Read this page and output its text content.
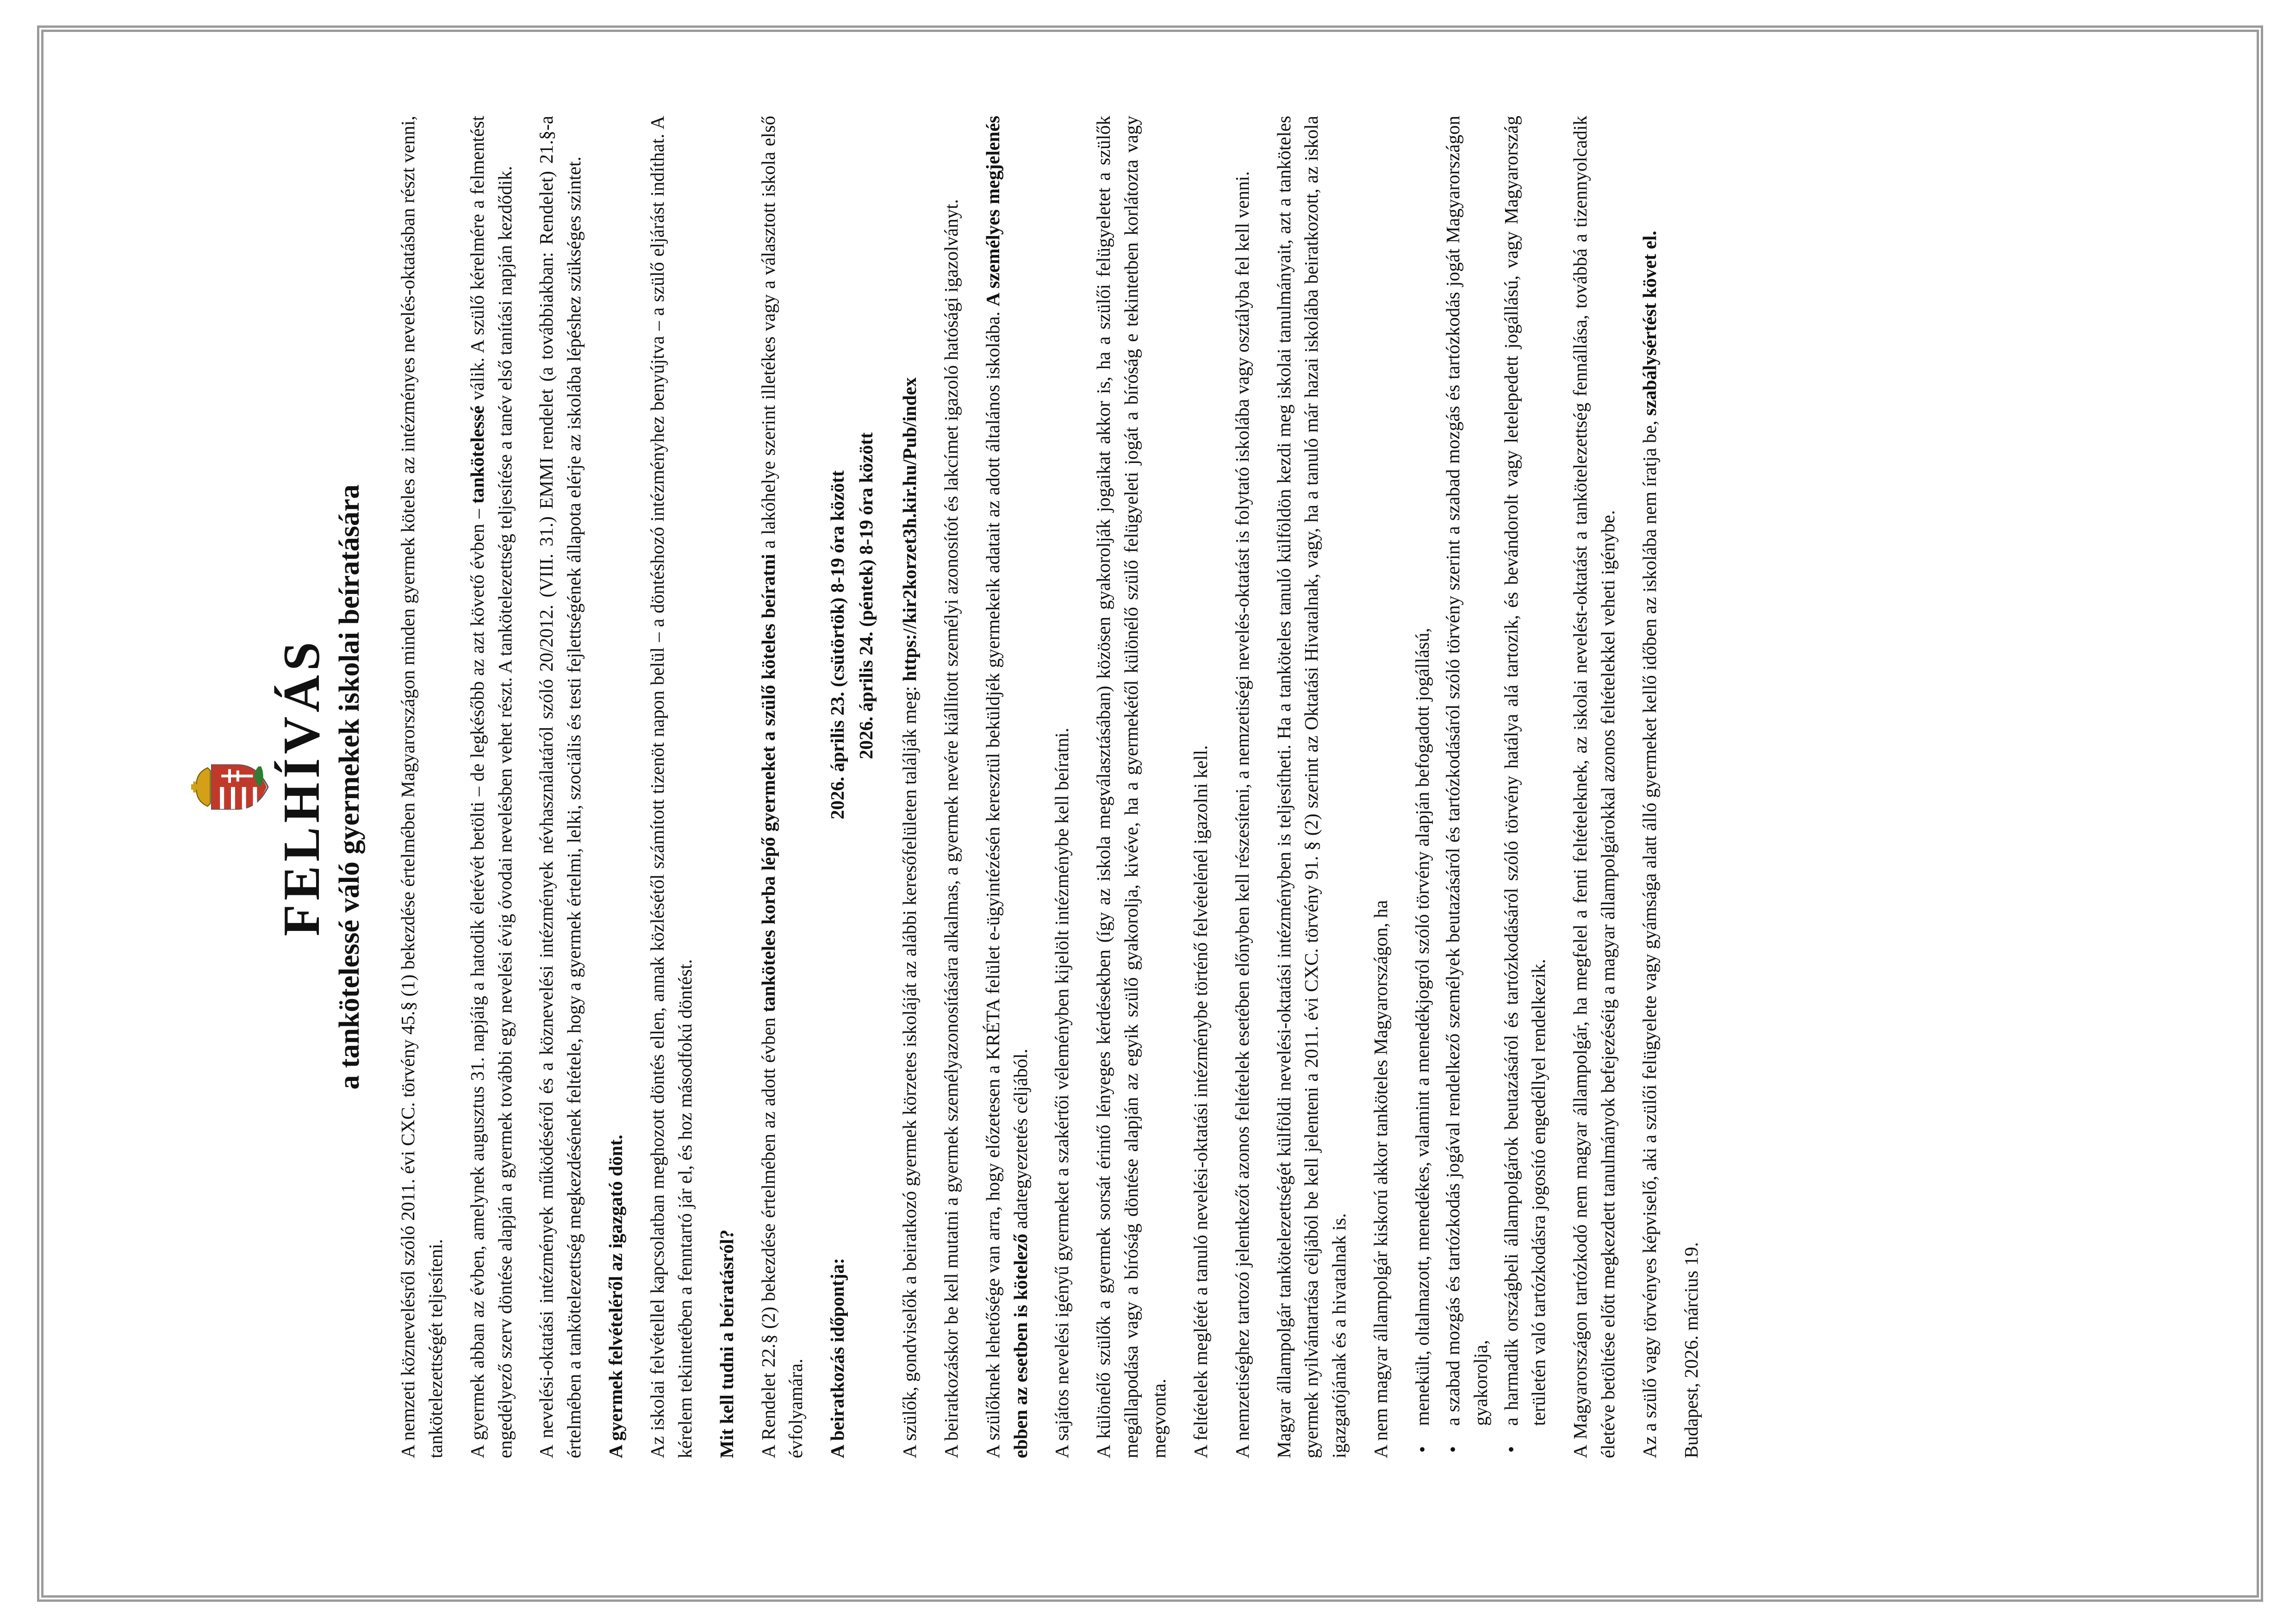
FELHÍVÁS a tankötelessé váló gyermekek iskolai beíratására A nemzeti köznevelésről szóló 2011. évi CXC. törvény 45.§ (1) bekezdése értelmében Magyarországon minden gyermek köteles az intézményes nevelés-oktatásban részt venni, tankötelezettségét teljesíteni. A gyermek abban az évben, amelynek augusztus 31. napjáig a hatodik életévét betölti – de legkésőbb az azt követő évben – tankötelessé válik. A szülő kérelmére a felmentést engedélyező szerv döntése alapján a gyermek további egy nevelési évig óvodai nevelésben vehet részt. A tankötelezettség teljesítése a tanév első tanítási napján kezdődik. A nevelési-oktatási intézmények működéséről és a köznevelési intézmények névhasználatáról szóló 20/2012. (VIII. 31.) EMMI rendelet (a továbbiakban: Rendelet) 21.§-a értelmében a tankötelezettség megkezdésének feltétele, hogy a gyermek értelmi, lelki, szociális és testi fejlettségének állapota elérje az iskolába lépéshez szükséges szintet. A gyermek felvételéről az igazgató dönt. Az iskolai felvétellel kapcsolatban meghozott döntés ellen, annak közlésétől számított tizenöt napon belül – a döntéshozó intézményhez benyújtva – a szülő eljárást indíthat. A kérelem tekintetében a fenntartó jár el, és hoz másodfokú döntést. Mit kell tudni a beíratásról? A Rendelet 22.§ (2) bekezdése értelmében az adott évben tanköteles korba lépő gyermeket a szülő köteles beíratni a lakóhelye szerint illetékes vagy a választott iskola első évfolyamára. A beiratkozás időpontja:
2026. április 23. (csütörtök) 8-19 óra között 2026. április 24. (péntek) 8-19 óra között

A szülők, gondviselők a beiratkozó gyermek körzetes iskoláját az alábbi keresőfelületen találják meg: https://kir2korzet3h.kir.hu/Pub/index A beiratkozáskor be kell mutatni a gyermek személyazonosítására alkalmas, a gyermek nevére kiállított személyi azonosítót és lakcímet igazoló hatósági igazolványt. A szülőknek lehetősége van arra, hogy előzetesen a KRÉTA felület e-ügyintézésén keresztül beküldjék gyermekeik adatait az adott általános iskolába. A személyes megjelenés ebben az esetben is kötelező adategyeztetés céljából. A sajátos nevelési igényű gyermeket a szakértői véleményben kijelölt intézménybe kell beíratni. A különélő szülők a gyermek sorsát érintő lényeges kérdésekben (így az iskola megválasztásában) közösen gyakorolják jogaikat akkor is, ha a szülői felügyeletet a szülők megállapodása vagy a bíróság döntése alapján az egyik szülő gyakorolja, kivéve, ha a gyermekétől különélő szülő felügyeleti jogát a bíróság e tekintetben korlátozta vagy megvonta. A feltételek meglétét a tanuló nevelési-oktatási intézménybe történő felvételénél igazolni kell. A nemzetiséghez tartozó jelentkezőt azonos feltételek esetében előnyben kell részesíteni, a nemzetiségi nevelés-oktatást is folytató iskolába vagy osztályba fel kell venni. Magyar állampolgár tankötelezettségét külföldi nevelési-oktatási intézményben is teljesítheti. Ha a tanköteles tanuló külföldön kezdi meg iskolai tanulmányait, azt a tanköteles gyermek nyilvántartása céljából be kell jelenteni a 2011. évi CXC. törvény 91. § (2) szerint az Oktatási Hivatalnak, vagy, ha a tanuló már hazai iskolába beiratkozott, az iskola igazgatójának és a hivatalnak is. A nem magyar állampolgár kiskorú akkor tanköteles Magyarországon, ha • menekült, oltalmazott, menedékes, valamint a menedékjogról szóló törvény alapján befogadott jogállású, • a szabad mozgás és tartózkodás jogával rendelkező személyek beutazásáról és tartózkodásáról szóló törvény szerint a szabad mozgás és tartózkodás jogát Magyarországon gyakorolja, • a harmadik országbeli állampolgárok beutazásáról és tartózkodásáról szóló törvény hatálya alá tartozik, és bevándorolt vagy letelepedett jogállású, vagy Magyarország területén való tartózkodásra jogosító engedéllyel rendelkezik. A Magyarországon tartózkodó nem magyar állampolgár, ha megfelel a fenti feltételeknek, az iskolai nevelést-oktatást a tankötelezettség fennállása, továbbá a tizennyolcadik életéve betöltése előtt megkezdett tanulmányok befejezéséig a magyar állampolgárokkal azonos feltételekkel veheti igénybe. Az a szülő vagy törvényes képviselő, aki a szülői felügyelete vagy gyámsága alatt álló gyermeket kellő időben az iskolába nem íratja be, szabálysértést követ el.

Budapest, 2026. március 19.
